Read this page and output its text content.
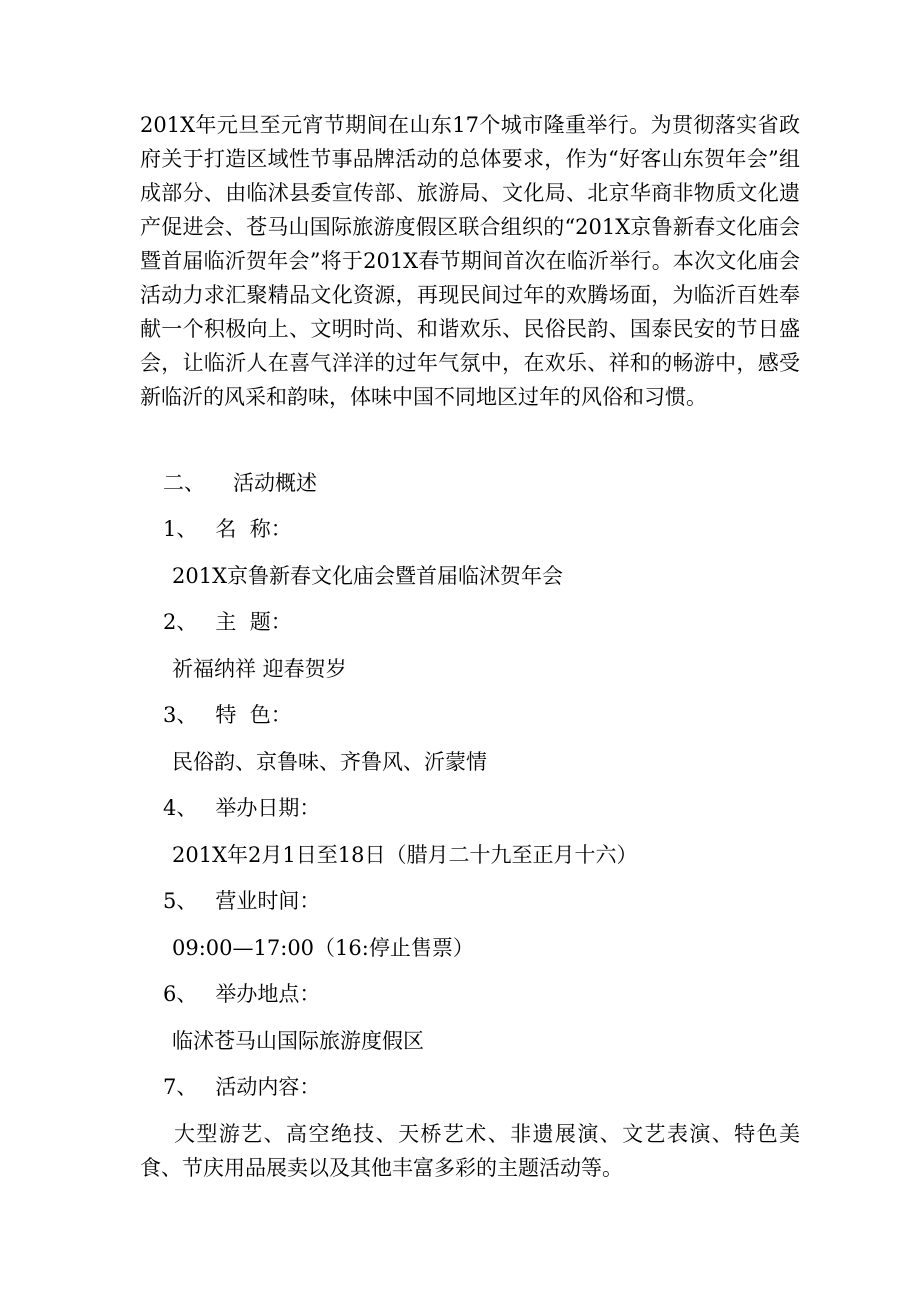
201X年元旦至元宵节期间在山东17个城市隆重举行。为贯彻落实省政府关于打造区域性节事品牌活动的总体要求，作为“好客山东贺年会”组成部分、由临沭县委宣传部、旅游局、文化局、北京华商非物质文化遗产促进会、苍马山国际旅游度假区联合组织的“201X京鲁新春文化庙会暨首届临沂贺年会”将于201X春节期间首次在临沂举行。本次文化庙会活动力求汇聚精品文化资源，再现民间过年的欢腾场面，为临沂百姓奉献一个积极向上、文明时尚、和谐欢乐、民俗民韵、国泰民安的节日盛会，让临沂人在喜气洋洋的过年气氛中，在欢乐、祥和的畅游中，感受新临沂的风采和韵味，体味中国不同地区过年的风俗和习惯。

二、 活动概述
1、 名  称：
201X京鲁新春文化庙会暨首届临沭贺年会
2、 主  题：
祈福纳祥 迎春贺岁
3、 特  色：
民俗韵、京鲁味、齐鲁风、沂蒙情
4、 举办日期：
201X年2月1日至18日（腊月二十九至正月十六）
5、 营业时间：
09:00—17:00（16:停止售票）
6、 举办地点：
临沭苍马山国际旅游度假区
7、 活动内容：
大型游艺、高空绝技、天桥艺术、非遗展演、文艺表演、特色美食、节庆用品展卖以及其他丰富多彩的主题活动等。
